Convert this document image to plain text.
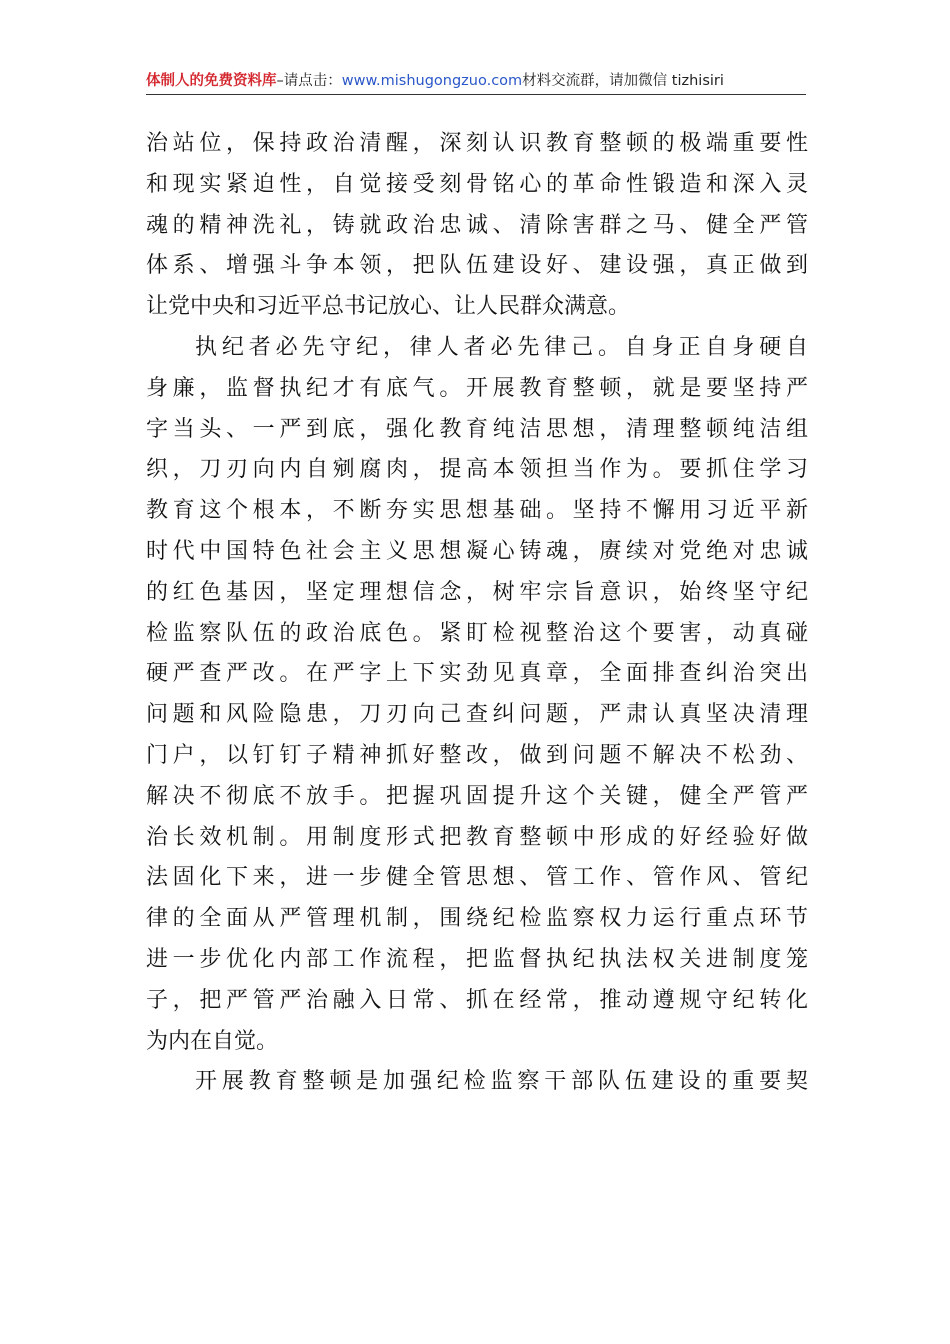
体制人的免费资料库–请点击：www.mishugongzuo.com材料交流群，请加微信 tizhisiri
治站位，保持政治清醒，深刻认识教育整顿的极端重要性
和现实紧迫性，自觉接受刻骨铭心的革命性锻造和深入灵
魂的精神洗礼，铸就政治忠诚、清除害群之马、健全严管
体系、增强斗争本领，把队伍建设好、建设强，真正做到
让党中央和习近平总书记放心、让人民群众满意。
执纪者必先守纪，律人者必先律己。自身正自身硬自
身廉，监督执纪才有底气。开展教育整顿，就是要坚持严
字当头、一严到底，强化教育纯洁思想，清理整顿纯洁组
织，刀刃向内自剜腐肉，提高本领担当作为。要抓住学习
教育这个根本，不断夯实思想基础。坚持不懈用习近平新
时代中国特色社会主义思想凝心铸魂，赓续对党绝对忠诚
的红色基因，坚定理想信念，树牢宗旨意识，始终坚守纪
检监察队伍的政治底色。紧盯检视整治这个要害，动真碰
硬严查严改。在严字上下实劲见真章，全面排查纠治突出
问题和风险隐患，刀刃向己查纠问题，严肃认真坚决清理
门户，以钉钉子精神抓好整改，做到问题不解决不松劲、
解决不彻底不放手。把握巩固提升这个关键，健全严管严
治长效机制。用制度形式把教育整顿中形成的好经验好做
法固化下来，进一步健全管思想、管工作、管作风、管纪
律的全面从严管理机制，围绕纪检监察权力运行重点环节
进一步优化内部工作流程，把监督执纪执法权关进制度笼
子，把严管严治融入日常、抓在经常，推动遵规守纪转化
为内在自觉。
开展教育整顿是加强纪检监察干部队伍建设的重要契
